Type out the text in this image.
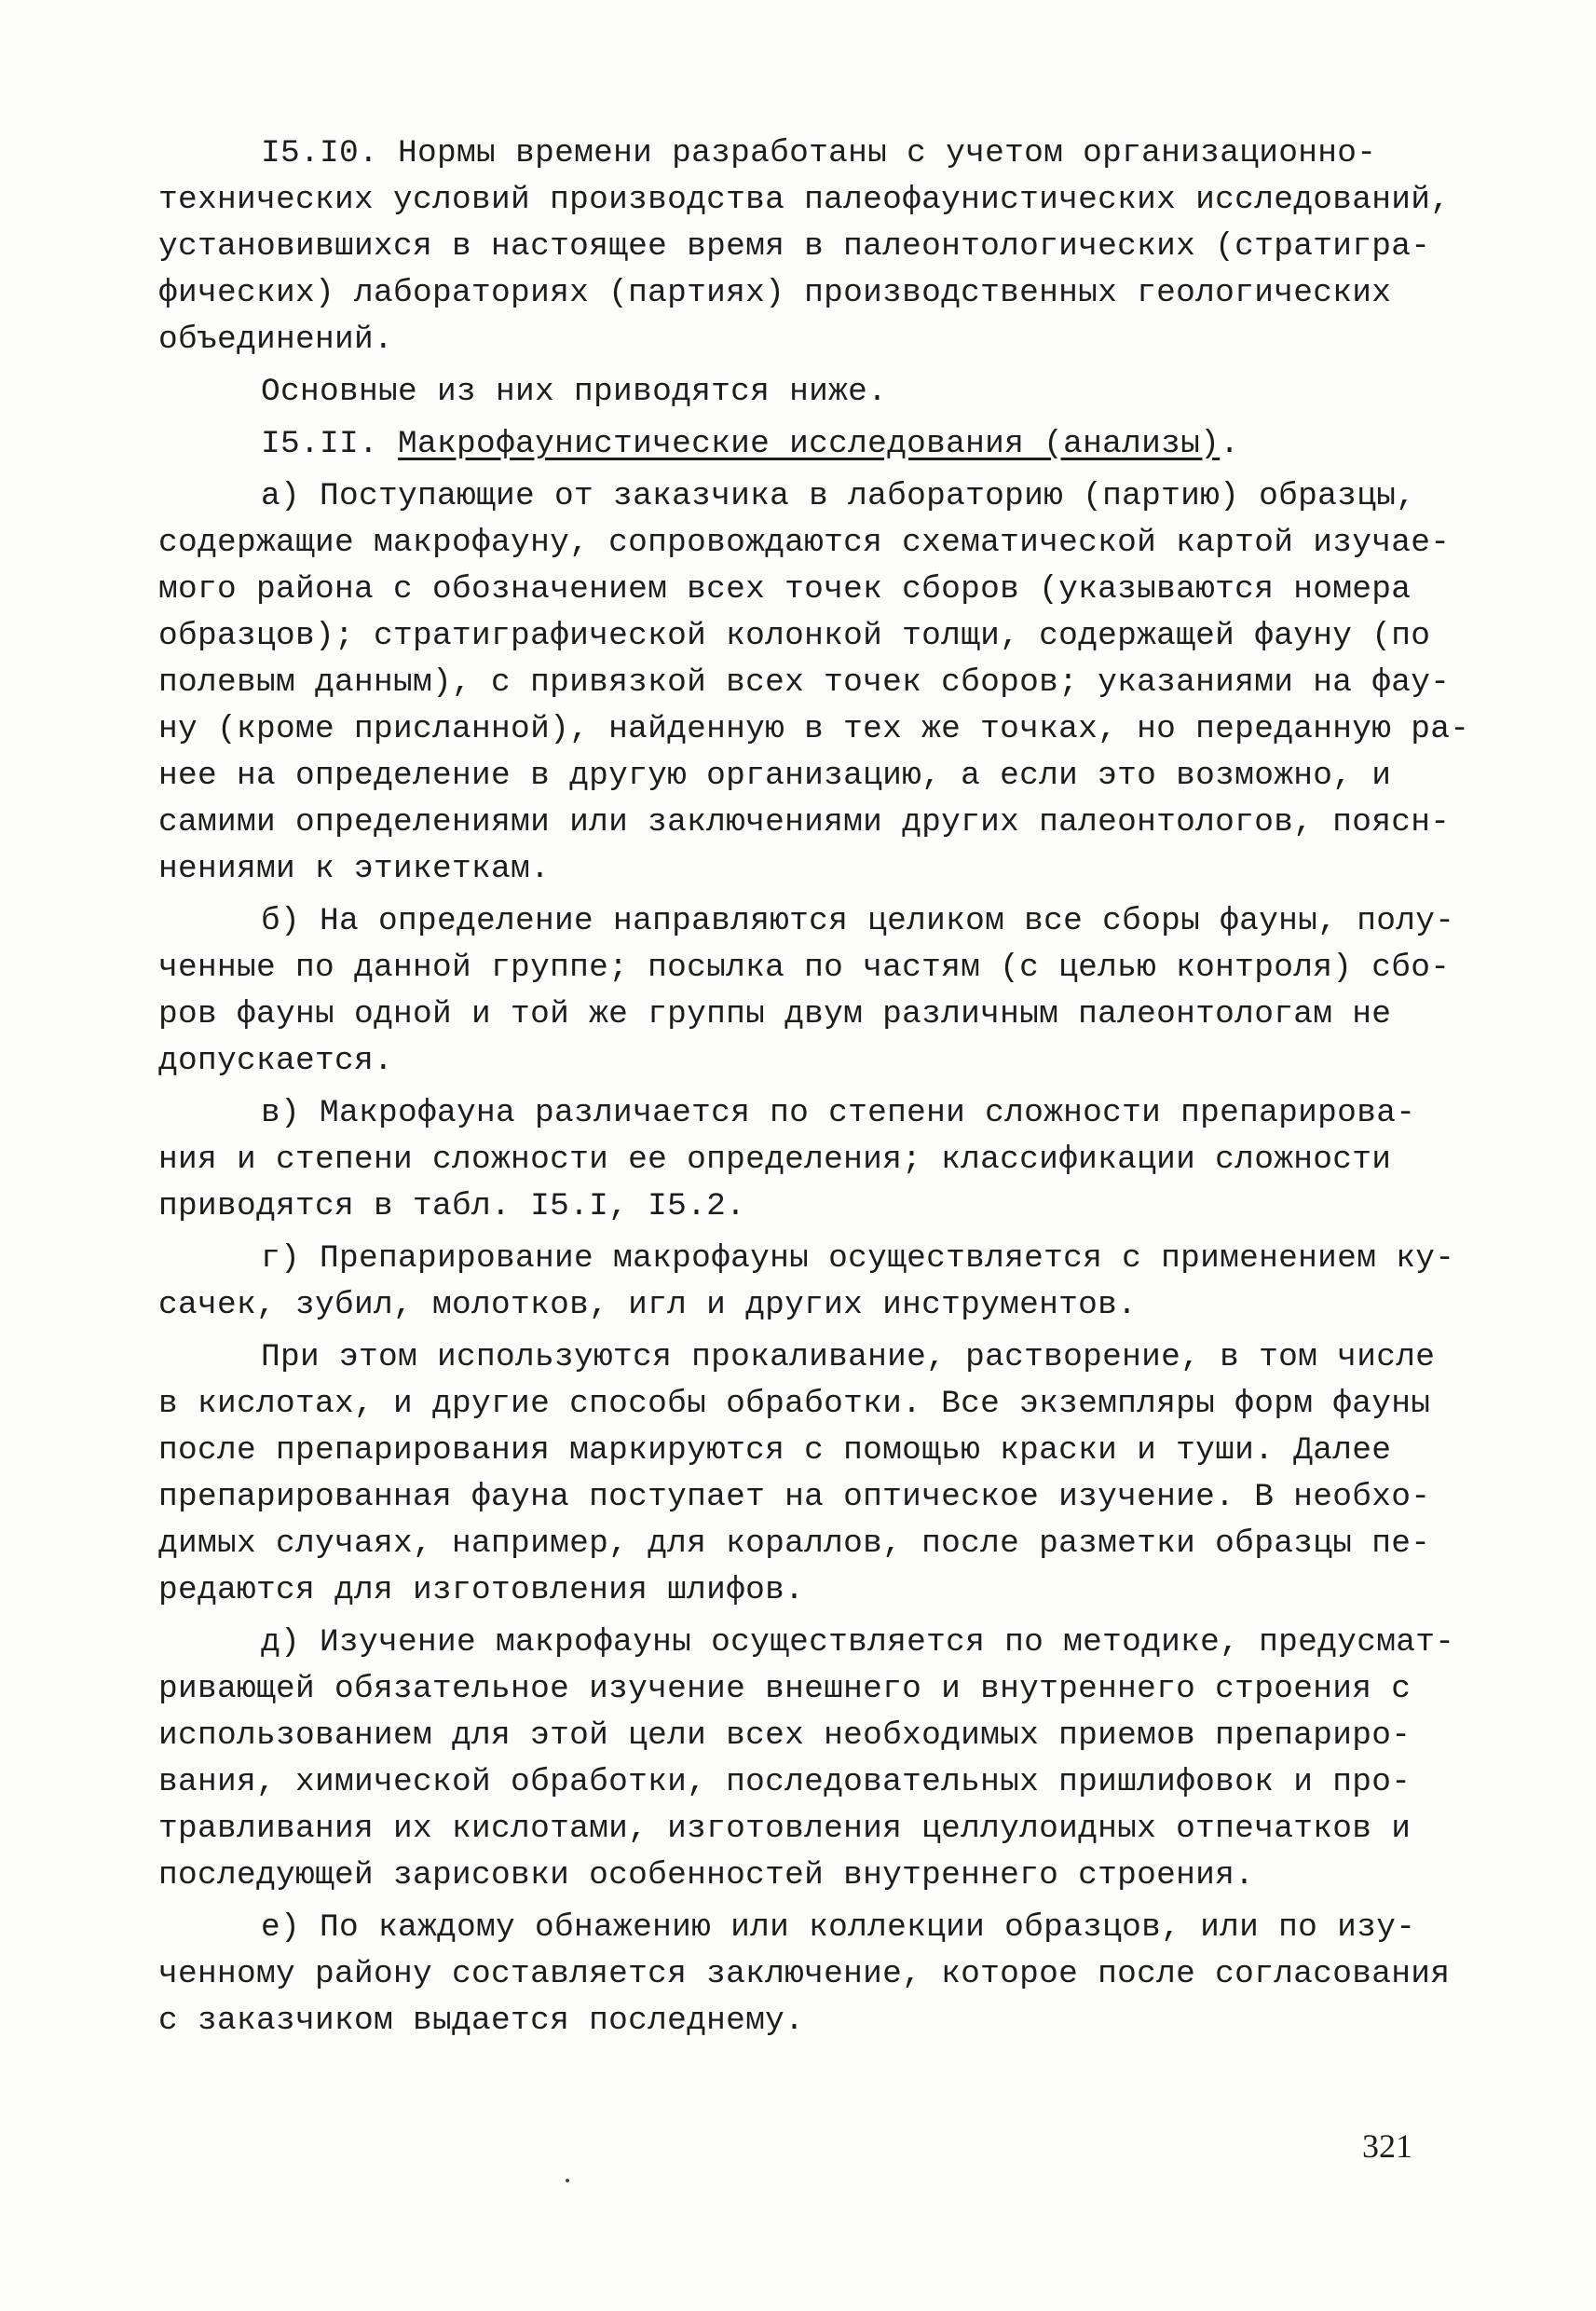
I5.I0. Нормы времени разработаны с учетом организационно-
технических условий производства палеофаунистических исследований,
установившихся в настоящее время в палеонтологических (стратигра-
фических) лабораториях (партиях) производственных геологических
объединений.
Основные из них приводятся ниже.
I5.II. Макрофаунистические исследования (анализы).
а) Поступающие от заказчика в лабораторию (партию) образцы,
содержащие макрофауну, сопровождаются схематической картой изучае-
мого района с обозначением всех точек сборов (указываются номера
образцов); стратиграфической колонкой толщи, содержащей фауну (по
полевым данным), с привязкой всех точек сборов; указаниями на фау-
ну (кроме присланной), найденную в тех же точках, но переданную ра-
нее на определение в другую организацию, а если это возможно, и
самими определениями или заключениями других палеонтологов, поясн-
нениями к этикеткам.
б) На определение направляются целиком все сборы фауны, полу-
ченные по данной группе; посылка по частям (с целью контроля) сбо-
ров фауны одной и той же группы двум различным палеонтологам не
допускается.
в) Макрофауна различается по степени сложности препарирова-
ния и степени сложности ее определения; классификации сложности
приводятся в табл. I5.I, I5.2.
г) Препарирование макрофауны осуществляется с применением ку-
сачек, зубил, молотков, игл и других инструментов.
При этом используются прокаливание, растворение, в том числе
в кислотах, и другие способы обработки. Все экземпляры форм фауны
после препарирования маркируются с помощью краски и туши. Далее
препарированная фауна поступает на оптическое изучение. В необхо-
димых случаях, например, для кораллов, после разметки образцы пе-
редаются для изготовления шлифов.
д) Изучение макрофауны осуществляется по методике, предусмат-
ривающей обязательное изучение внешнего и внутреннего строения с
использованием для этой цели всех необходимых приемов препариро-
вания, химической обработки, последовательных пришлифовок и про-
травливания их кислотами, изготовления целлулоидных отпечатков и
последующей зарисовки особенностей внутреннего строения.
е) По каждому обнажению или коллекции образцов, или по изу-
ченному району составляется заключение, которое после согласования
с заказчиком выдается последнему.
321
